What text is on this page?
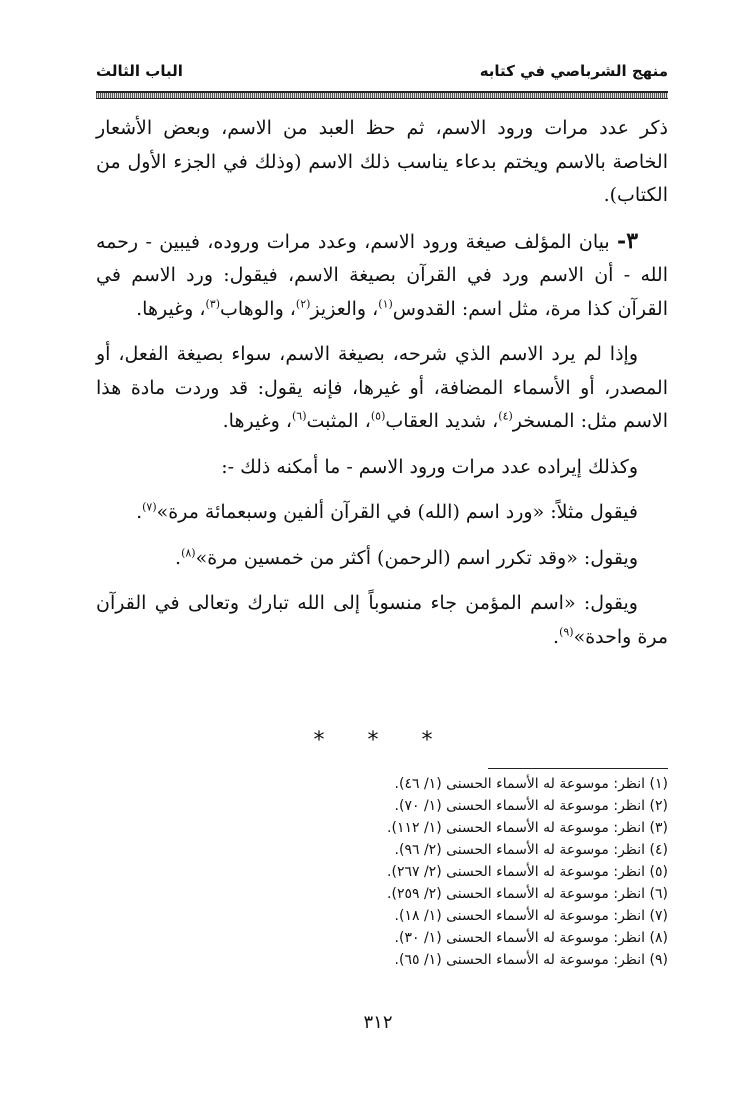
منهج الشرباصي في كتابه
الباب الثالث

ذكر عدد مرات ورود الاسم، ثم حظ العبد من الاسم، وبعض الأشعار الخاصة بالاسم ويختم بدعاء يناسب ذلك الاسم (وذلك في الجزء الأول من الكتاب).

٣- بيان المؤلف صيغة ورود الاسم، وعدد مرات وروده، فيبين - رحمه الله - أن الاسم ورد في القرآن بصيغة الاسم، فيقول: ورد الاسم في القرآن كذا مرة، مثل اسم: القدوس$^{(١)}$، والعزيز$^{(٢)}$، والوهاب$^{(٣)}$، وغيرها.

وإذا لم يرد الاسم الذي شرحه، بصيغة الاسم، سواء بصيغة الفعل، أو المصدر، أو الأسماء المضافة، أو غيرها، فإنه يقول: قد وردت مادة هذا الاسم مثل: المسخر$^{(٤)}$، شديد العقاب$^{(٥)}$، المثبت$^{(٦)}$، وغيرها.

وكذلك إيراده عدد مرات ورود الاسم - ما أمكنه ذلك -:

فيقول مثلاً: «ورد اسم (الله) في القرآن ألفين وسبعمائة مرة»$^{(٧)}$.

ويقول: «وقد تكرر اسم (الرحمن) أكثر من خمسين مرة»$^{(٨)}$.

ويقول: «اسم المؤمن جاء منسوباً إلى الله تبارك وتعالى في القرآن مرة واحدة»$^{(٩)}$.

* * *
(١) انظر: موسوعة له الأسماء الحسنى (١/ ٤٦).
(٢) انظر: موسوعة له الأسماء الحسنى (١/ ٧٠).
(٣) انظر: موسوعة له الأسماء الحسنى (١/ ١١٢).
(٤) انظر: موسوعة له الأسماء الحسنى (٢/ ٩٦).
(٥) انظر: موسوعة له الأسماء الحسنى (٢/ ٢٦٧).
(٦) انظر: موسوعة له الأسماء الحسنى (٢/ ٢٥٩).
(٧) انظر: موسوعة له الأسماء الحسنى (١/ ١٨).
(٨) انظر: موسوعة له الأسماء الحسنى (١/ ٣٠).
(٩) انظر: موسوعة له الأسماء الحسنى (١/ ٦٥).
٣١٢
